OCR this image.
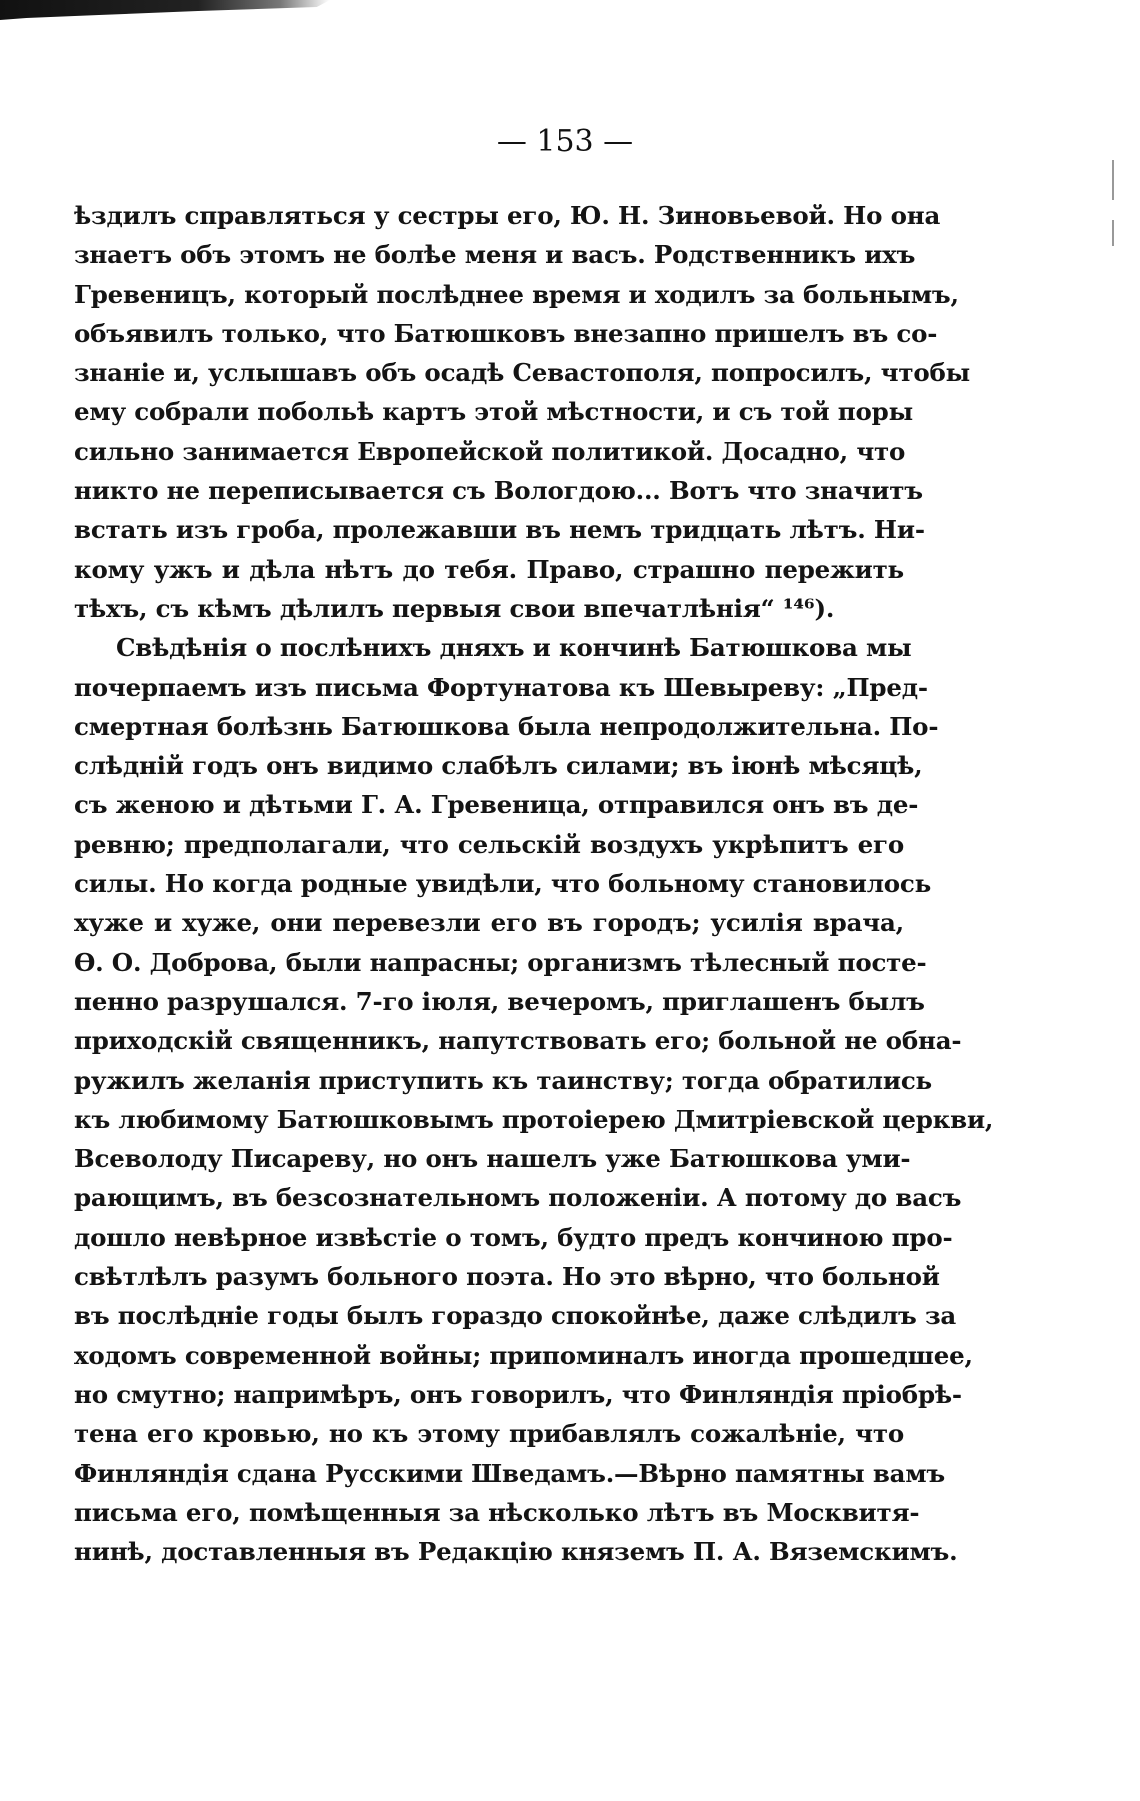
— 153 —
ѣздилъ справляться у сестры его, Ю. Н. Зиновьевой. Но она
знаетъ объ этомъ не болѣе меня и васъ. Родственникъ ихъ
Гревеницъ, который послѣднее время и ходилъ за больнымъ,
объявилъ только, что Батюшковъ внезапно пришелъ въ со-
знаніе и, услышавъ объ осадѣ Севастополя, попросилъ, чтобы
ему собрали побольѣ картъ этой мѣстности, и съ той поры
сильно занимается Европейской политикой. Досадно, что
никто не переписывается съ Вологдою... Вотъ что значитъ
встать изъ гроба, пролежавши въ немъ тридцать лѣтъ. Ни-
кому ужъ и дѣла нѣтъ до тебя. Право, страшно пережить
тѣхъ, съ кѣмъ дѣлилъ первыя свои впечатлѣнія“ ¹⁴⁶).
Свѣдѣнія о послѣнихъ дняхъ и кончинѣ Батюшкова мы
почерпаемъ изъ письма Фортунатова къ Шевыреву: „Пред-
смертная болѣзнь Батюшкова была непродолжительна. По-
слѣдній годъ онъ видимо слабѣлъ силами; въ іюнѣ мѣсяцѣ,
съ женою и дѣтьми Г. А. Гревеница, отправился онъ въ де-
ревню; предполагали, что сельскій воздухъ укрѣпитъ его
силы. Но когда родные увидѣли, что больному становилось
хуже и хуже, они перевезли его въ городъ; усилія врача,
Ѳ. О. Доброва, были напрасны; организмъ тѣлесный посте-
пенно разрушался. 7-го іюля, вечеромъ, приглашенъ былъ
приходскій священникъ, напутствовать его; больной не обна-
ружилъ желанія приступить къ таинству; тогда обратились
къ любимому Батюшковымъ протоіерею Дмитріевской церкви,
Всеволоду Писареву, но онъ нашелъ уже Батюшкова уми-
рающимъ, въ безсознательномъ положеніи. А потому до васъ
дошло невѣрное извѣстіе о томъ, будто предъ кончиною про-
свѣтлѣлъ разумъ больного поэта. Но это вѣрно, что больной
въ послѣдніе годы былъ гораздо спокойнѣе, даже слѣдилъ за
ходомъ современной войны; припоминалъ иногда прошедшее,
но смутно; напримѣръ, онъ говорилъ, что Финляндія пріобрѣ-
тена его кровью, но къ этому прибавлялъ сожалѣніе, что
Финляндія сдана Русскими Шведамъ.—Вѣрно памятны вамъ
письма его, помѣщенныя за нѣсколько лѣтъ въ Москвитя-
нинѣ, доставленныя въ Редакцію княземъ П. А. Вяземскимъ.
